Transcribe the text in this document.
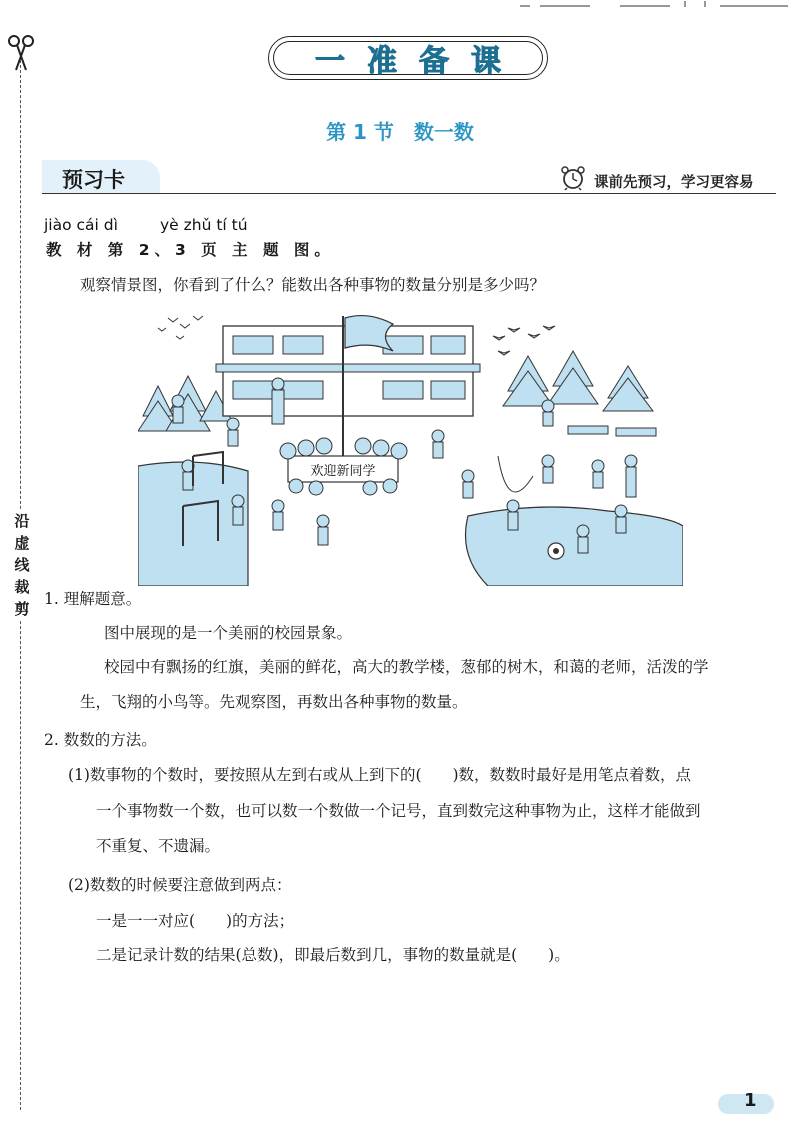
沿
虚
线
裁
剪
一准备课
第 1 节　数一数
预习卡	课前先预习，学习更容易
jiào cái dì	yè zhǔ tí tú
教 材 第 2、3 页 主 题 图。
观察情景图，你看到了什么？能数出各种事物的数量分别是多少吗？
欢迎新同学
1. 理解题意。
图中展现的是一个美丽的校园景象。
校园中有飘扬的红旗，美丽的鲜花，高大的教学楼，葱郁的树木，和蔼的老师，活泼的学
生，飞翔的小鸟等。先观察图，再数出各种事物的数量。
2. 数数的方法。
(1)数事物的个数时，要按照从左到右或从上到下的(　　)数，数数时最好是用笔点着数，点
一个事物数一个数，也可以数一个数做一个记号，直到数完这种事物为止，这样才能做到
不重复、不遗漏。
(2)数数的时候要注意做到两点：
一是一一对应(　　)的方法；
二是记录计数的结果(总数)，即最后数到几，事物的数量就是(　　)。
1
